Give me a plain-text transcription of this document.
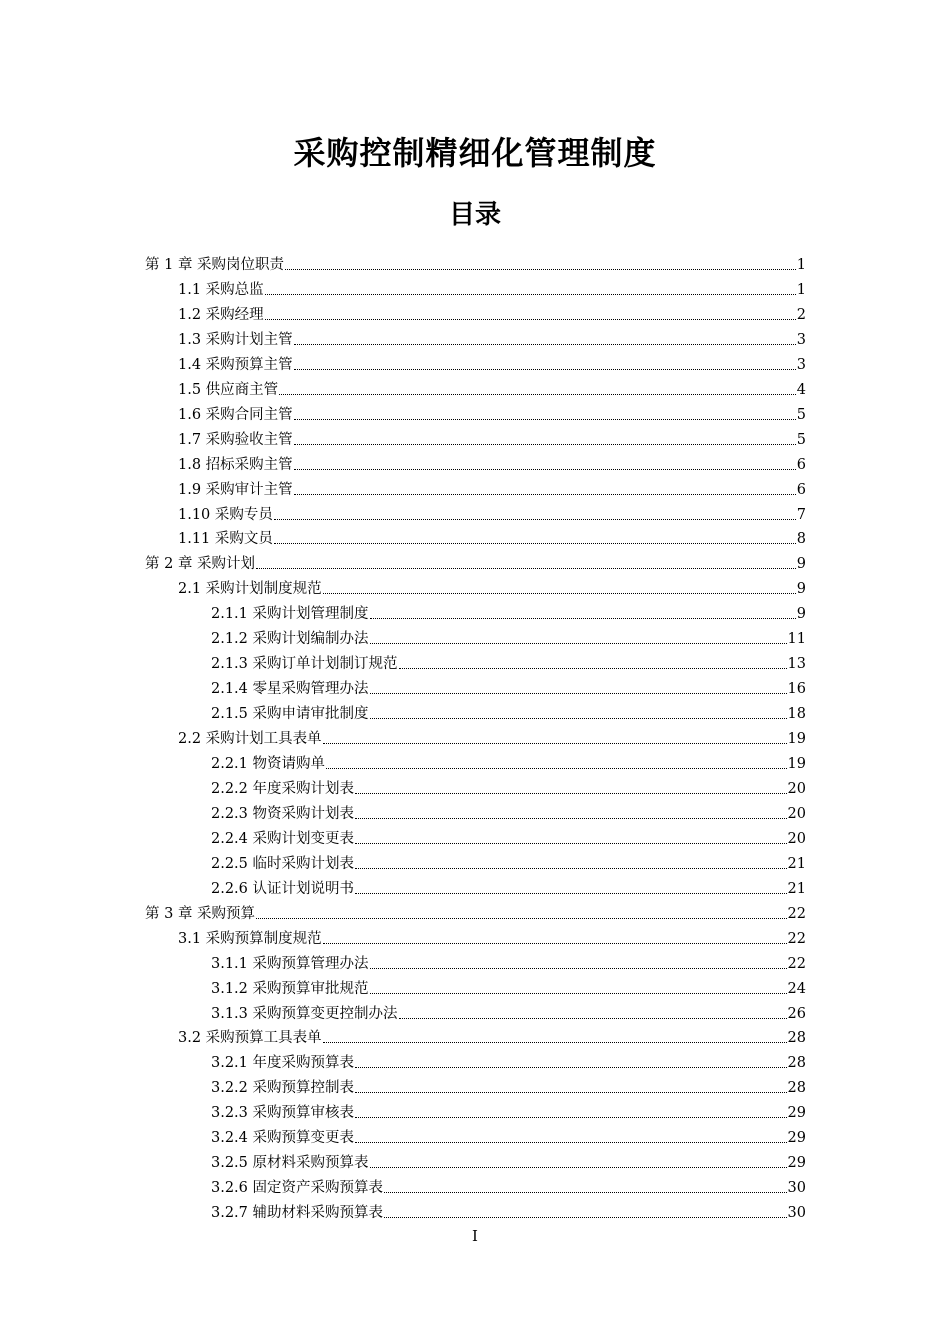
采购控制精细化管理制度
目录
第 1 章 采购岗位职责	1
1.1 采购总监	1
1.2 采购经理	2
1.3 采购计划主管	3
1.4 采购预算主管	3
1.5 供应商主管	4
1.6 采购合同主管	5
1.7 采购验收主管	5
1.8 招标采购主管	6
1.9 采购审计主管	6
1.10 采购专员	7
1.11 采购文员	8
第 2 章 采购计划	9
2.1 采购计划制度规范	9
2.1.1 采购计划管理制度	9
2.1.2 采购计划编制办法	11
2.1.3 采购订单计划制订规范	13
2.1.4 零星采购管理办法	16
2.1.5 采购申请审批制度	18
2.2 采购计划工具表单	19
2.2.1 物资请购单	19
2.2.2 年度采购计划表	20
2.2.3 物资采购计划表	20
2.2.4 采购计划变更表	20
2.2.5 临时采购计划表	21
2.2.6 认证计划说明书	21
第 3 章 采购预算	22
3.1 采购预算制度规范	22
3.1.1 采购预算管理办法	22
3.1.2 采购预算审批规范	24
3.1.3 采购预算变更控制办法	26
3.2 采购预算工具表单	28
3.2.1 年度采购预算表	28
3.2.2 采购预算控制表	28
3.2.3 采购预算审核表	29
3.2.4 采购预算变更表	29
3.2.5 原材料采购预算表	29
3.2.6 固定资产采购预算表	30
3.2.7 辅助材料采购预算表	30
I
